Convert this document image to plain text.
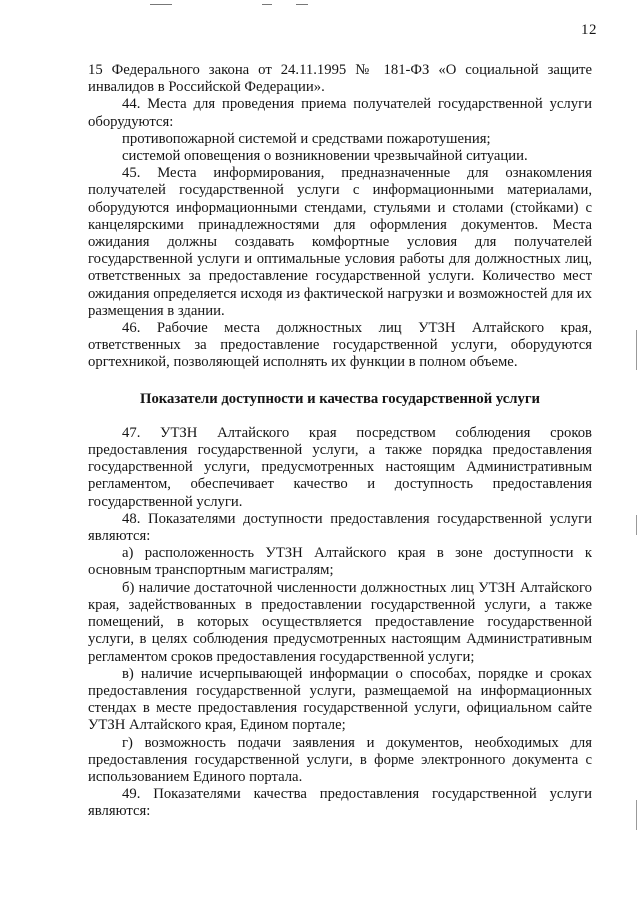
12

15 Федерального закона от 24.11.1995 № 181-ФЗ «О социальной защите инвалидов в Российской Федерации».

44. Места для проведения приема получателей государственной услуги оборудуются:

противопожарной системой и средствами пожаротушения;

системой оповещения о возникновении чрезвычайной ситуации.

45. Места информирования, предназначенные для ознакомления получателей государственной услуги с информационными материалами, оборудуются информационными стендами, стульями и столами (стойками) с канцелярскими принадлежностями для оформления документов. Места ожидания должны создавать комфортные условия для получателей государственной услуги и оптимальные условия работы для должностных лиц, ответственных за предоставление государственной услуги. Количество мест ожидания определяется исходя из фактической нагрузки и возможностей для их размещения в здании.

46. Рабочие места должностных лиц УТЗН Алтайского края, ответственных за предоставление государственной услуги, оборудуются оргтехникой, позволяющей исполнять их функции в полном объеме.

Показатели доступности и качества государственной услуги

47. УТЗН Алтайского края посредством соблюдения сроков предоставления государственной услуги, а также порядка предоставления государственной услуги, предусмотренных настоящим Административным регламентом, обеспечивает качество и доступность предоставления государственной услуги.

48. Показателями доступности предоставления государственной услуги являются:

а) расположенность УТЗН Алтайского края в зоне доступности к основным транспортным магистралям;

б) наличие достаточной численности должностных лиц УТЗН Алтайского края, задействованных в предоставлении государственной услуги, а также помещений, в которых осуществляется предоставление государственной услуги, в целях соблюдения предусмотренных настоящим Административным регламентом сроков предоставления государственной услуги;

в) наличие исчерпывающей информации о способах, порядке и сроках предоставления государственной услуги, размещаемой на информационных стендах в месте предоставления государственной услуги, официальном сайте УТЗН Алтайского края, Едином портале;

г) возможность подачи заявления и документов, необходимых для предоставления государственной услуги, в форме электронного документа с использованием Единого портала.

49. Показателями качества предоставления государственной услуги являются:
